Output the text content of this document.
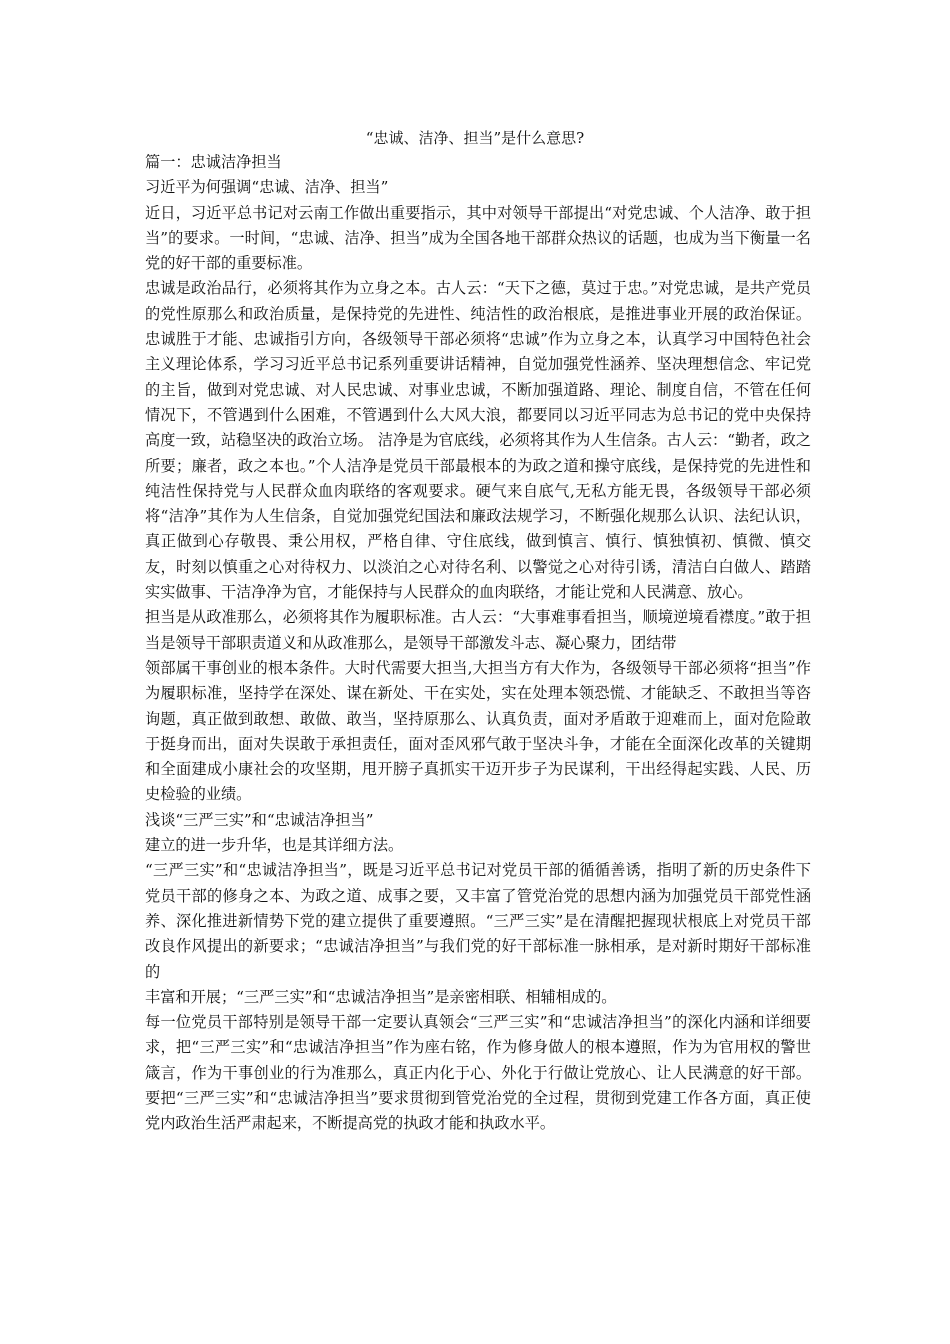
“忠诚、洁净、担当”是什么意思?

篇一：忠诚洁净担当

习近平为何强调“忠诚、洁净、担当”

近日，习近平总书记对云南工作做出重要指示，其中对领导干部提出“对党忠诚、个人洁净、敢于担当”的要求。一时间，“忠诚、洁净、担当”成为全国各地干部群众热议的话题，也成为当下衡量一名党的好干部的重要标准。

忠诚是政治品行，必须将其作为立身之本。古人云：“天下之德，莫过于忠。”对党忠诚，是共产党员的党性原那么和政治质量，是保持党的先进性、纯洁性的政治根底，是推进事业开展的政治保证。忠诚胜于才能、忠诚指引方向，各级领导干部必须将“忠诚”作为立身之本，认真学习中国特色社会主义理论体系，学习习近平总书记系列重要讲话精神，自觉加强党性涵养、坚决理想信念、牢记党的主旨，做到对党忠诚、对人民忠诚、对事业忠诚，不断加强道路、理论、制度自信，不管在任何情况下，不管遇到什么困难，不管遇到什么大风大浪，都要同以习近平同志为总书记的党中央保持高度一致，站稳坚决的政治立场。 洁净是为官底线，必须将其作为人生信条。古人云：“勤者，政之所要；廉者，政之本也。”个人洁净是党员干部最根本的为政之道和操守底线，是保持党的先进性和纯洁性保持党与人民群众血肉联络的客观要求。硬气来自底气,无私方能无畏，各级领导干部必须将“洁净”其作为人生信条，自觉加强党纪国法和廉政法规学习，不断强化规那么认识、法纪认识，真正做到心存敬畏、秉公用权，严格自律、守住底线，做到慎言、慎行、慎独慎初、慎微、慎交友，时刻以慎重之心对待权力、以淡泊之心对待名利、以警觉之心对待引诱，清洁白白做人、踏踏实实做事、干洁净净为官，才能保持与人民群众的血肉联络，才能让党和人民满意、放心。

担当是从政准那么，必须将其作为履职标准。古人云：“大事难事看担当，顺境逆境看襟度。”敢于担当是领导干部职责道义和从政准那么，是领导干部激发斗志、凝心聚力，团结带

领部属干事创业的根本条件。大时代需要大担当,大担当方有大作为，各级领导干部必须将“担当”作为履职标准，坚持学在深处、谋在新处、干在实处，实在处理本领恐慌、才能缺乏、不敢担当等咨询题，真正做到敢想、敢做、敢当，坚持原那么、认真负责，面对矛盾敢于迎难而上，面对危险敢于挺身而出，面对失误敢于承担责任，面对歪风邪气敢于坚决斗争，才能在全面深化改革的关键期和全面建成小康社会的攻坚期，甩开膀子真抓实干迈开步子为民谋利，干出经得起实践、人民、历史检验的业绩。

浅谈“三严三实”和“忠诚洁净担当”

建立的进一步升华，也是其详细方法。

“三严三实”和“忠诚洁净担当”，既是习近平总书记对党员干部的循循善诱，指明了新的历史条件下党员干部的修身之本、为政之道、成事之要，又丰富了管党治党的思想内涵为加强党员干部党性涵养、深化推进新情势下党的建立提供了重要遵照。“三严三实”是在清醒把握现状根底上对党员干部改良作风提出的新要求；“忠诚洁净担当”与我们党的好干部标准一脉相承，是对新时期好干部标准的

丰富和开展；“三严三实”和“忠诚洁净担当”是亲密相联、相辅相成的。

每一位党员干部特别是领导干部一定要认真领会“三严三实”和“忠诚洁净担当”的深化内涵和详细要求，把“三严三实”和“忠诚洁净担当”作为座右铭，作为修身做人的根本遵照，作为为官用权的警世箴言，作为干事创业的行为准那么，真正内化于心、外化于行做让党放心、让人民满意的好干部。要把“三严三实”和“忠诚洁净担当”要求贯彻到管党治党的全过程，贯彻到党建工作各方面，真正使党内政治生活严肃起来，不断提高党的执政才能和执政水平。
